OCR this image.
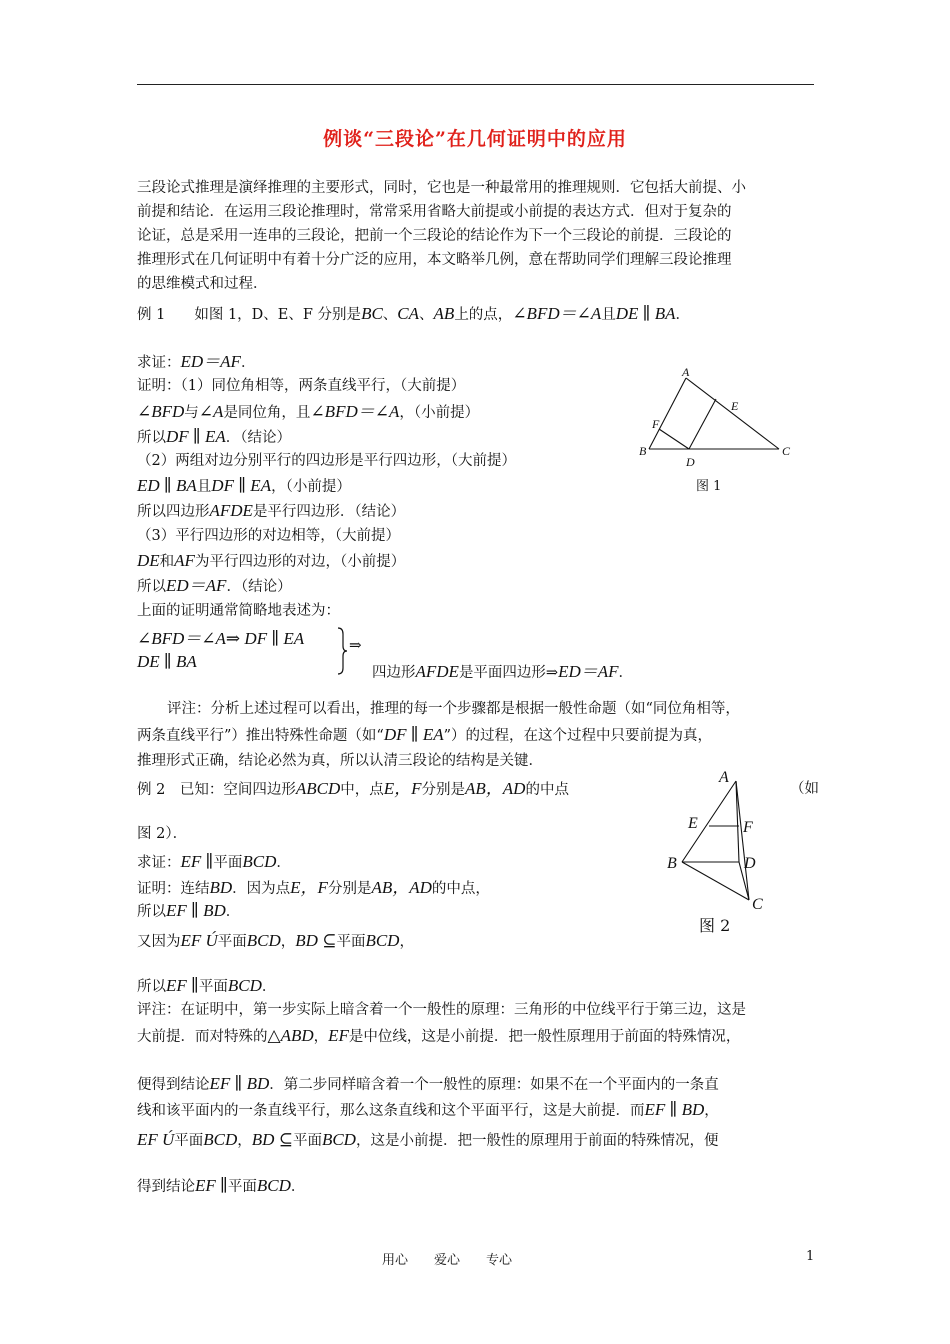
例谈“三段论”在几何证明中的应用
三段论式推理是演绎推理的主要形式，同时，它也是一种最常用的推理规则．它包括大前提、小
前提和结论．在运用三段论推理时，常常采用省略大前提或小前提的表达方式．但对于复杂的
论证，总是采用一连串的三段论，把前一个三段论的结论作为下一个三段论的前提．三段论的
推理形式在几何证明中有着十分广泛的应用，本文略举几例，意在帮助同学们理解三段论推理
的思维模式和过程．
例 1　　如图 1，D、E、F 分别是BC、CA、AB上的点，∠BFD＝∠A且DE ∥ BA．
求证：ED＝AF．
证明：（1）同位角相等，两条直线平行，（大前提）
∠BFD与∠A是同位角，且∠BFD＝∠A，（小前提）
所以DF ∥ EA．（结论）
（2）两组对边分别平行的四边形是平行四边形，（大前提）
ED ∥ BA且DF ∥ EA，（小前提）
所以四边形AFDE是平行四边形．（结论）
（3）平行四边形的对边相等，（大前提）
DE和AF为平行四边形的对边，（小前提）
所以ED＝AF．（结论）
上面的证明通常简略地表述为：
∠BFD＝∠A⇒ DF ∥ EA
DE ∥ BA
⇒
四边形AFDE是平面四边形⇒ED＝AF．
评注：分析上述过程可以看出，推理的每一个步骤都是根据一般性命题（如“同位角相等，
两条直线平行”）推出特殊性命题（如“DF ∥ EA”）的过程，在这个过程中只要前提为真，
推理形式正确，结论必然为真，所以认清三段论的结构是关键．
A
E
F
B
D
C
图 1
例 2　已知：空间四边形ABCD中，点E，F分别是AB，AD的中点	（如
图 2）．
求证：EF ∥平面BCD．
证明：连结BD．因为点E，F分别是AB，AD的中点，
所以EF ∥ BD．
又因为EF Ú平面BCD，BD ⊆平面BCD，
所以EF ∥平面BCD．
评注：在证明中，第一步实际上暗含着一个一般性的原理：三角形的中位线平行于第三边，这是
大前提．而对特殊的△ABD，EF是中位线，这是小前提．把一般性原理用于前面的特殊情况，
便得到结论EF ∥ BD．第二步同样暗含着一个一般性的原理：如果不在一个平面内的一条直
线和该平面内的一条直线平行，那么这条直线和这个平面平行，这是大前提．而EF ∥ BD，
EF Ú平面BCD，BD ⊆平面BCD，这是小前提．把一般性的原理用于前面的特殊情况，便
得到结论EF ∥平面BCD．
A
E	F
B	D
C
图 2
用心　　爱心　　专心	1
